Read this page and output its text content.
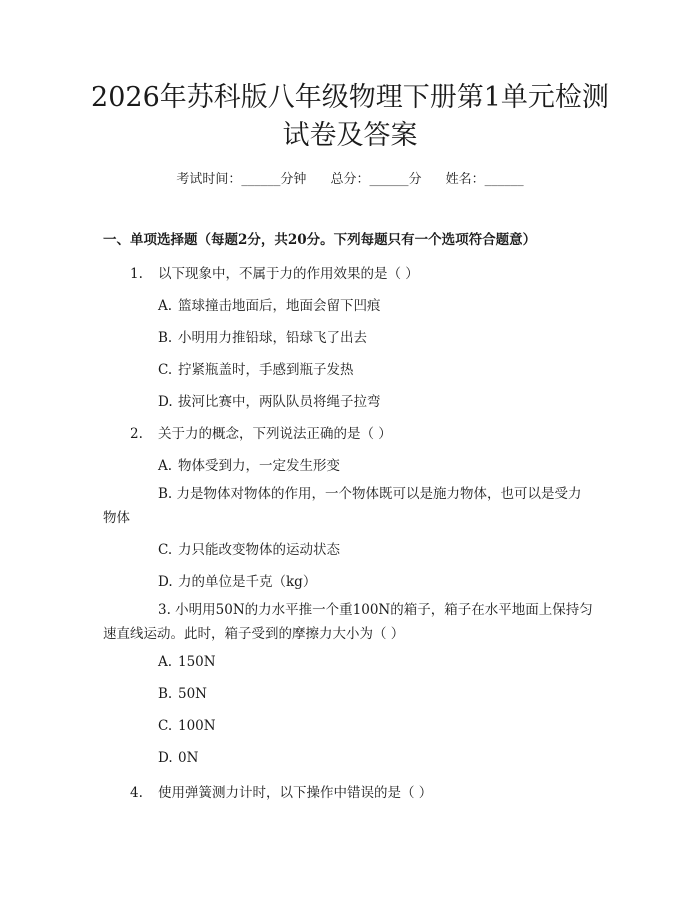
2026年苏科版八年级物理下册第1单元检测
试卷及答案
考试时间：______分钟 总分：______分 姓名：______
一、单项选择题（每题2分，共20分。下列每题只有一个选项符合题意）
1. 以下现象中，不属于力的作用效果的是（ ）
A. 篮球撞击地面后，地面会留下凹痕
B. 小明用力推铅球，铅球飞了出去
C. 拧紧瓶盖时，手感到瓶子发热
D. 拔河比赛中，两队队员将绳子拉弯
2. 关于力的概念，下列说法正确的是（ ）
A. 物体受到力，一定发生形变
B. 力是物体对物体的作用，一个物体既可以是施力物体，也可以是受力物体
C. 力只能改变物体的运动状态
D. 力的单位是千克（kg）
3. 小明用50N的力水平推一个重100N的箱子，箱子在水平地面上保持匀速直线运动。此时，箱子受到的摩擦力大小为（ ）
A. 150N
B. 50N
C. 100N
D. 0N
4. 使用弹簧测力计时，以下操作中错误的是（ ）
